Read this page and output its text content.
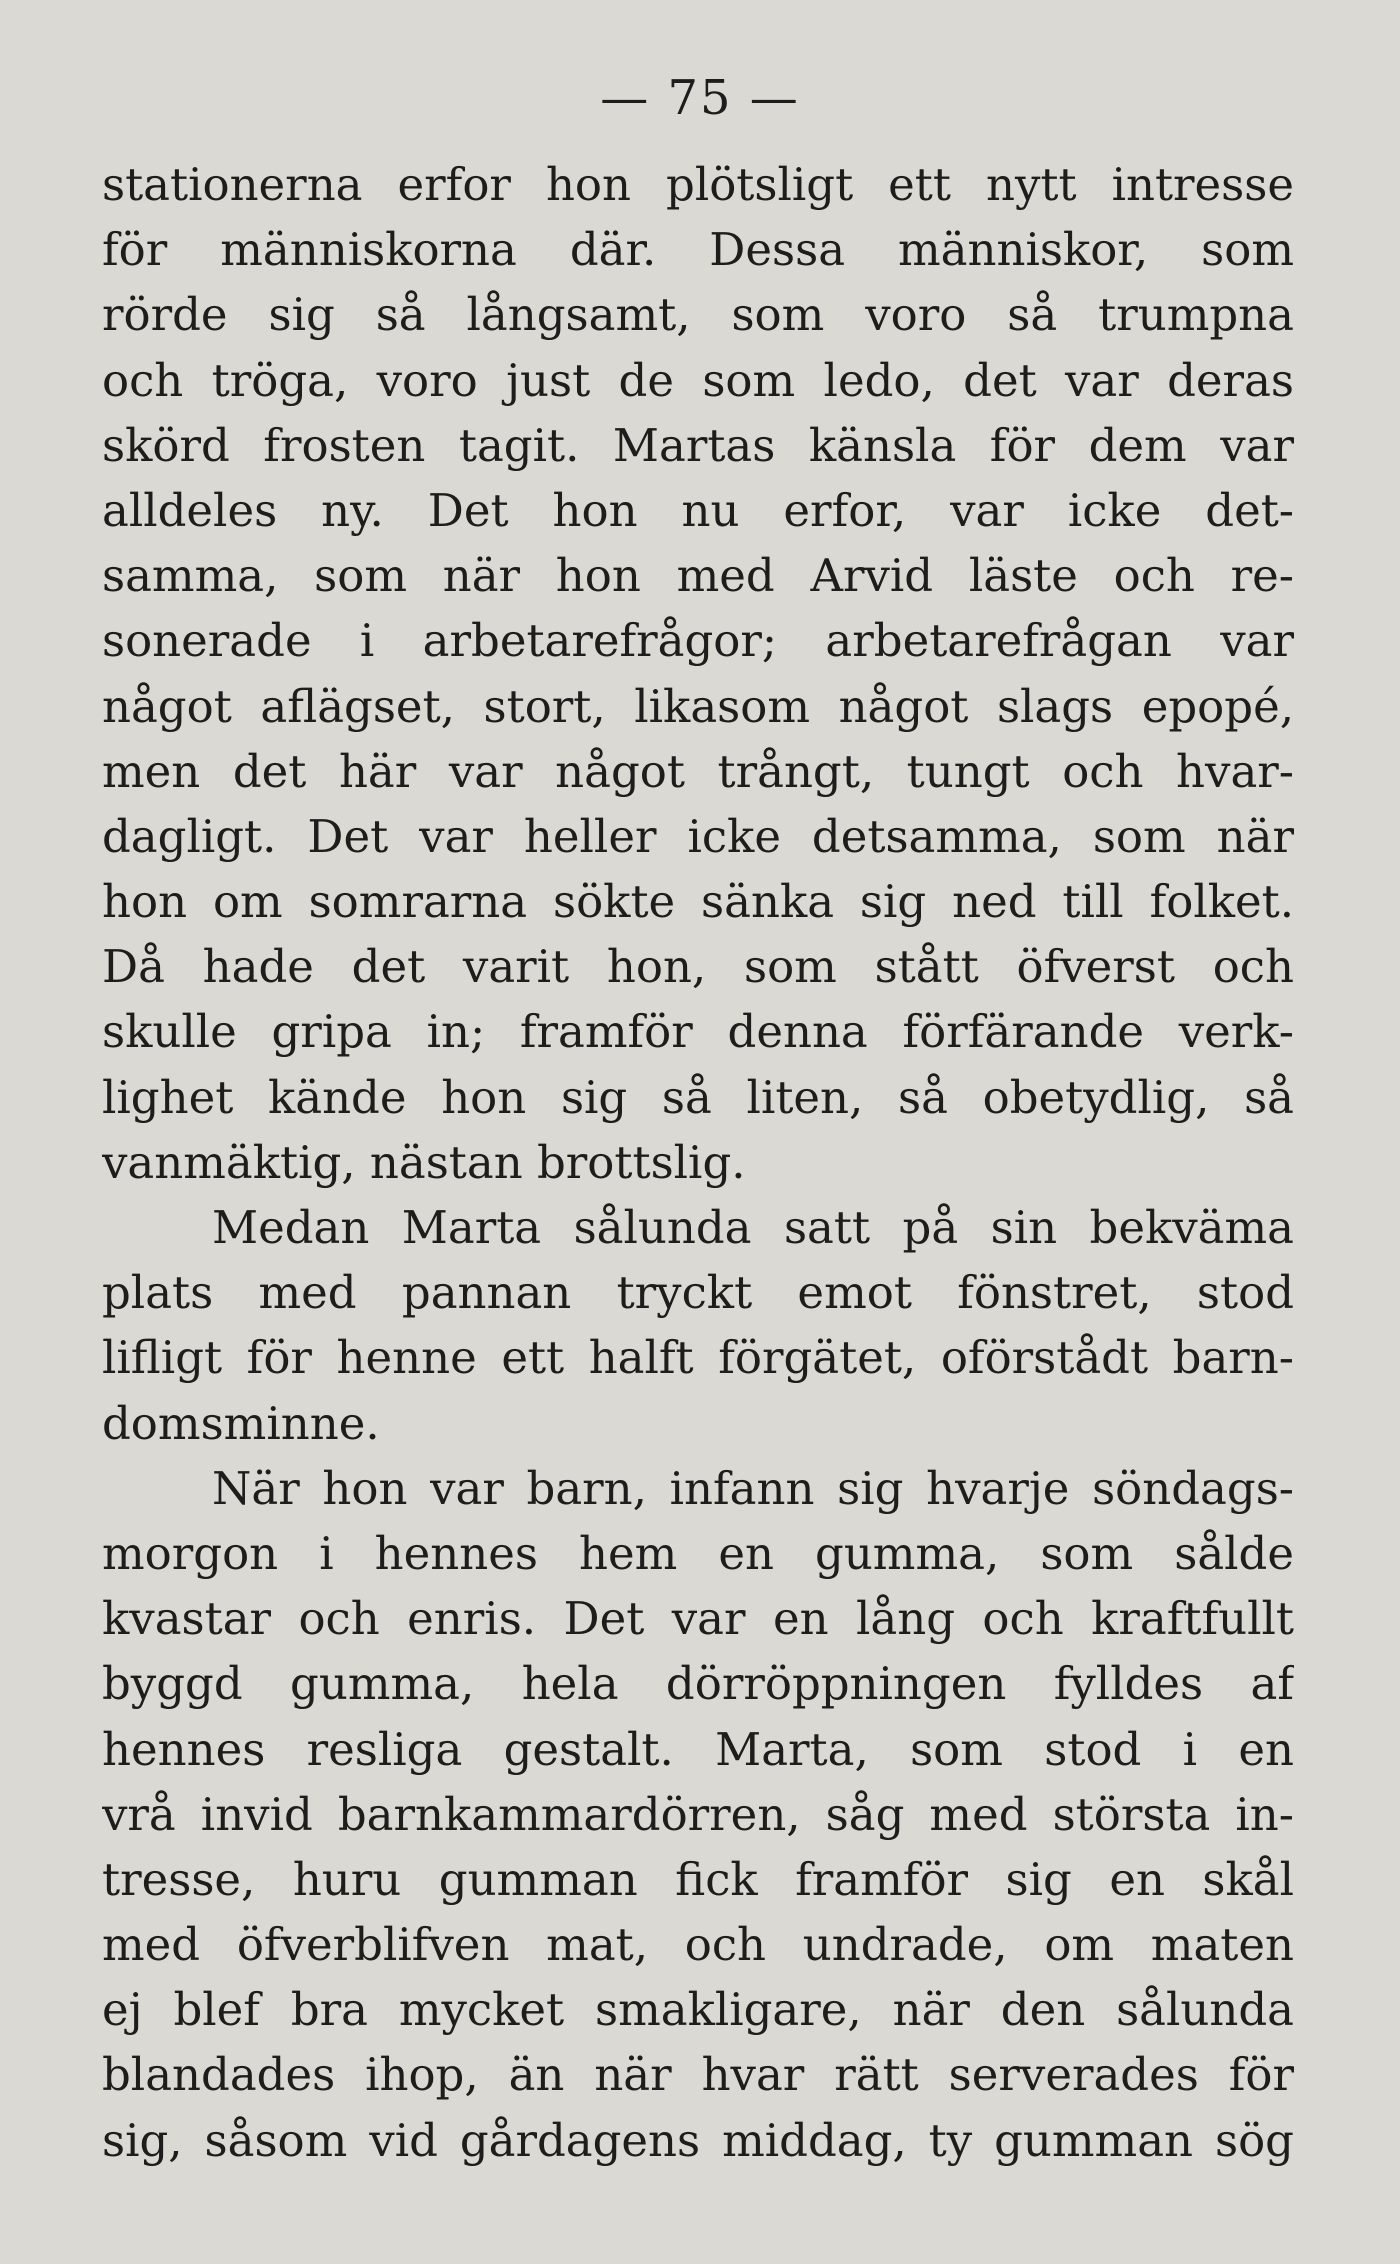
— 75 —
stationerna erfor hon plötsligt ett nytt intresse
för människorna där. Dessa människor, som
rörde sig så långsamt, som voro så trumpna
och tröga, voro just de som ledo, det var deras
skörd frosten tagit. Martas känsla för dem var
alldeles ny. Det hon nu erfor, var icke det-
samma, som när hon med Arvid läste och re-
sonerade i arbetarefrågor; arbetarefrågan var
något aflägset, stort, likasom något slags epopé,
men det här var något trångt, tungt och hvar-
dagligt. Det var heller icke detsamma, som när
hon om somrarna sökte sänka sig ned till folket.
Då hade det varit hon, som stått öfverst och
skulle gripa in; framför denna förfärande verk-
lighet kände hon sig så liten, så obetydlig, så
vanmäktig, nästan brottslig.
Medan Marta sålunda satt på sin bekväma
plats med pannan tryckt emot fönstret, stod
lifligt för henne ett halft förgätet, oförstådt barn-
domsminne.
När hon var barn, infann sig hvarje söndags-
morgon i hennes hem en gumma, som sålde
kvastar och enris. Det var en lång och kraftfullt
byggd gumma, hela dörröppningen fylldes af
hennes resliga gestalt. Marta, som stod i en
vrå invid barnkammardörren, såg med största in-
tresse, huru gumman fick framför sig en skål
med öfverblifven mat, och undrade, om maten
ej blef bra mycket smakligare, när den sålunda
blandades ihop, än när hvar rätt serverades för
sig, såsom vid gårdagens middag, ty gumman sög
